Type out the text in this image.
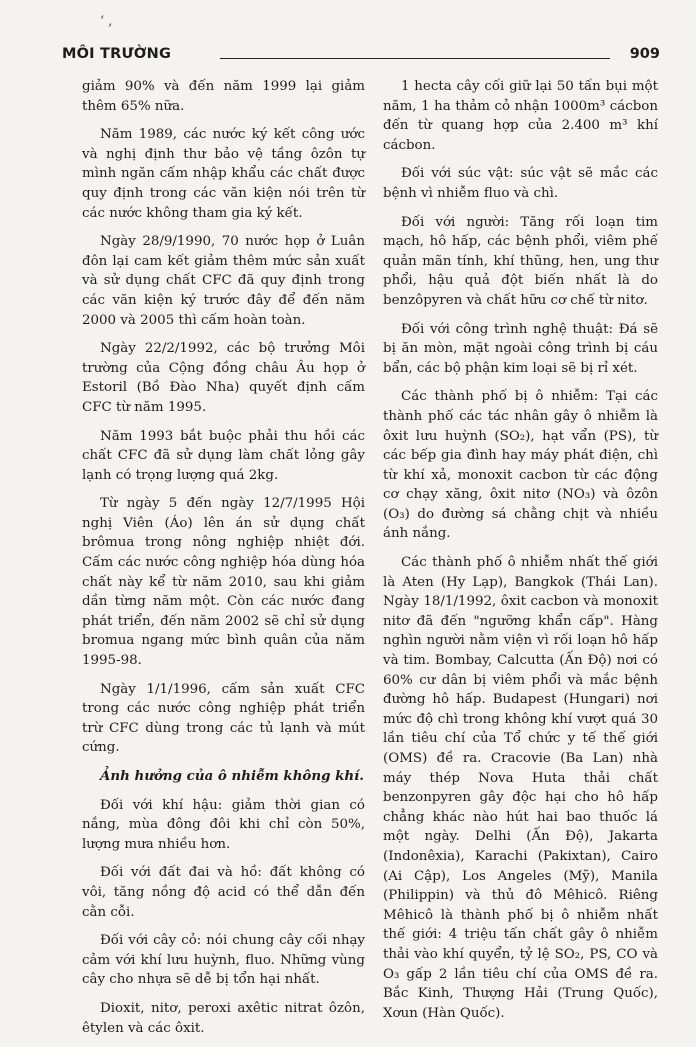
‘ ,
MÔI TRƯỜNG	909

giảm 90% và đến năm 1999 lại giảm thêm 65% nữa.

Năm 1989, các nước ký kết công ước và nghị định thư bảo vệ tầng ôzôn tự mình ngăn cấm nhập khẩu các chất được quy định trong các văn kiện nói trên từ các nước không tham gia ký kết.

Ngày 28/9/1990, 70 nước họp ở Luân đôn lại cam kết giảm thêm mức sản xuất và sử dụng chất CFC đã quy định trong các văn kiện ký trước đây để đến năm 2000 và 2005 thì cấm hoàn toàn.

Ngày 22/2/1992, các bộ trưởng Môi trường của Cộng đồng châu Âu họp ở Estoril (Bồ Đào Nha) quyết định cấm CFC từ năm 1995.

Năm 1993 bắt buộc phải thu hồi các chất CFC đã sử dụng làm chất lỏng gây lạnh có trọng lượng quá 2kg.

Từ ngày 5 đến ngày 12/7/1995 Hội nghị Viên (Áo) lên án sử dụng chất brômua trong nông nghiệp nhiệt đới. Cấm các nước công nghiệp hóa dùng hóa chất này kể từ năm 2010, sau khi giảm dần từng năm một. Còn các nước đang phát triển, đến năm 2002 sẽ chỉ sử dụng bromua ngang mức bình quân của năm 1995-98.

Ngày 1/1/1996, cấm sản xuất CFC trong các nước công nghiệp phát triển trừ CFC dùng trong các tủ lạnh và mút cứng.

Ảnh hưởng của ô nhiễm không khí.

Đối với khí hậu: giảm thời gian có nắng, mùa đông đôi khi chỉ còn 50%, lượng mưa nhiều hơn.

Đối với đất đai và hồ: đất không có vôi, tăng nồng độ acid có thể dẫn đến cằn cỗi.

Đối với cây cỏ: nói chung cây cối nhạy cảm với khí lưu huỳnh, fluo. Những vùng cây cho nhựa sẽ dễ bị tổn hại nhất.

Dioxit, nitơ, peroxi axêtic nitrat ôzôn, êtylen và các ôxit.

1 hecta cây cối giữ lại 50 tấn bụi một năm, 1 ha thảm cỏ nhận 1000m³ cácbon đến từ quang hợp của 2.400 m³ khí cácbon.

Đối với súc vật: súc vật sẽ mắc các bệnh vì nhiễm fluo và chì.

Đối với người: Tăng rối loạn tim mạch, hô hấp, các bệnh phổi, viêm phế quản mãn tính, khí thũng, hen, ung thư phổi, hậu quả đột biến nhất là do benzôpyren và chất hữu cơ chế từ nitơ.

Đối với công trình nghệ thuật: Đá sẽ bị ăn mòn, mặt ngoài công trình bị cáu bẩn, các bộ phận kim loại sẽ bị rỉ xét.

Các thành phố bị ô nhiễm: Tại các thành phố các tác nhân gây ô nhiễm là ôxit lưu huỳnh (SO₂), hạt vẩn (PS), từ các bếp gia đình hay máy phát điện, chì từ khí xả, monoxit cacbon từ các động cơ chạy xăng, ôxit nitơ (NO₃) và ôzôn (O₃) do đường sá chằng chịt và nhiều ánh nắng.

Các thành phố ô nhiễm nhất thế giới là Aten (Hy Lạp), Bangkok (Thái Lan). Ngày 18/1/1992, ôxit cacbon và monoxit nitơ đã đến "ngưỡng khẩn cấp". Hàng nghìn người nằm viện vì rối loạn hô hấp và tim. Bombay, Calcutta (Ấn Độ) nơi có 60% cư dân bị viêm phổi và mắc bệnh đường hô hấp. Budapest (Hungari) nơi mức độ chì trong không khí vượt quá 30 lần tiêu chí của Tổ chức y tế thế giới (OMS) đề ra. Cracovie (Ba Lan) nhà máy thép Nova Huta thải chất benzonpyren gây độc hại cho hô hấp chẳng khác nào hút hai bao thuốc lá một ngày. Delhi (Ấn Độ), Jakarta (Indonêxia), Karachi (Pakixtan), Cairo (Ai Cập), Los Angeles (Mỹ), Manila (Philippin) và thủ đô Mêhicô. Riêng Mêhicô là thành phố bị ô nhiễm nhất thế giới: 4 triệu tấn chất gây ô nhiễm thải vào khí quyển, tỷ lệ SO₂, PS, CO và O₃ gấp 2 lần tiêu chí của OMS đề ra. Bắc Kinh, Thượng Hải (Trung Quốc), Xơun (Hàn Quốc).
